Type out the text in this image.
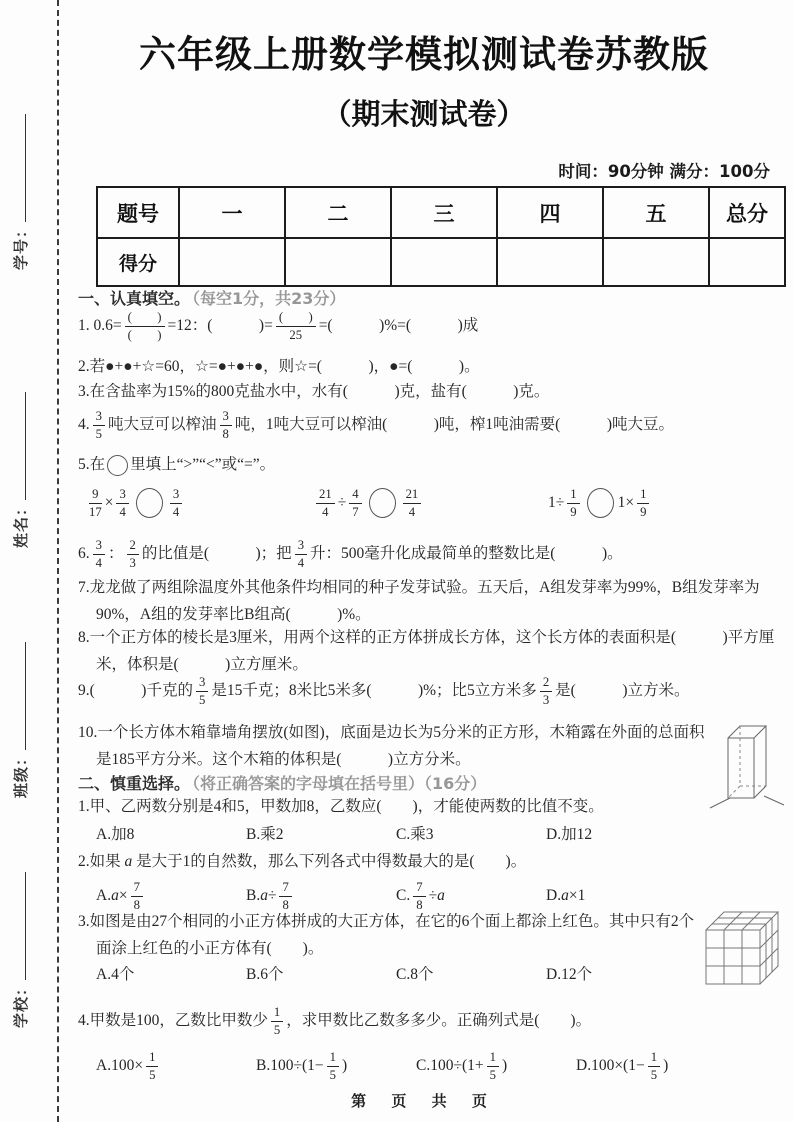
学号：
姓名：
班级：
学校：
六年级上册数学模拟测试卷苏教版
（期末测试卷）
时间：90分钟 满分：100分
题号	一	二	三	四	五	总分
得分						
一、认真填空。 （每空1分，共23分）
1. $0.6= \frac{( )}{( )} =12$：(　　　)= $\frac{( )}{25}$ =(　　　)%=(　　　)成
2.若●+●+☆=60，☆=●+●+●，则☆=(　　　)，●=(　　　)。
3.在含盐率为15%的800克盐水中，水有(　　　)克，盐有(　　　)克。
4. $\frac{3}{5}$ 吨大豆可以榨油 $\frac{3}{8}$ 吨，1吨大豆可以榨油(　　　)吨，榨1吨油需要(　　　)吨大豆。
5.在 里填上“>”“<”或“=”。
$\frac{9}{17} \times \frac{3}{4}$	$\frac{3}{4}$	$\frac{21}{4} \div \frac{4}{7}$	$\frac{21}{4}$	$1\div \frac{1}{9} 1\times \frac{1}{9}$
6. $\frac{3}{4}$ ： $\frac{2}{3}$ 的比值是(　　　)；把 $\frac{3}{4}$ 升：500毫升化成最简单的整数比是(　　　)。
7.龙龙做了两组除温度外其他条件均相同的种子发芽试验。五天后，A组发芽率为99%，B组发芽率为90%，A组的发芽率比B组高(　　　)%。
8.一个正方体的棱长是3厘米，用两个这样的正方体拼成长方体，这个长方体的表面积是(　　　)平方厘米，体积是(　　　)立方厘米。
9.(　　　)千克的 $\frac{3}{5}$ 是15千克；8米比5米多(　　　)%；比5立方米多 $\frac{2}{3}$ 是(　　　)立方米。
10.一个长方体木箱靠墙角摆放(如图)，底面是边长为5分米的正方形，木箱露在外面的总面积是185平方分米。这个木箱的体积是(　　　)立方分米。
二、慎重选择。 （将正确答案的字母填在括号里）（16分）
1.甲、乙两数分别是4和5，甲数加8，乙数应(　　)，才能使两数的比值不变。
A.加8	B.乘2	C.乘3	D.加12
2.如果 a 是大于1的自然数，那么下列各式中得数最大的是(　　)。
$A.a\times \frac{7}{8}$	$B.a\div \frac{7}{8}$	C. $\frac{7}{8} \div a$	D.a×1
3.如图是由27个相同的小正方体拼成的大正方体，在它的6个面上都涂上红色。其中只有2个面涂上红色的小正方体有(　　)。
A.4个	B.6个	C.8个	D.12个
4.甲数是100，乙数比甲数少 $\frac{1}{5}$ ，求甲数比乙数多多少。正确列式是(　　)。
$A.100\times \frac{1}{5}$	$B.100\div(1- \frac{1}{5}$ )	$C.100\div(1+ \frac{1}{5}$ )	$D.100\times(1- \frac{1}{5}$ )
第 页 共 页
